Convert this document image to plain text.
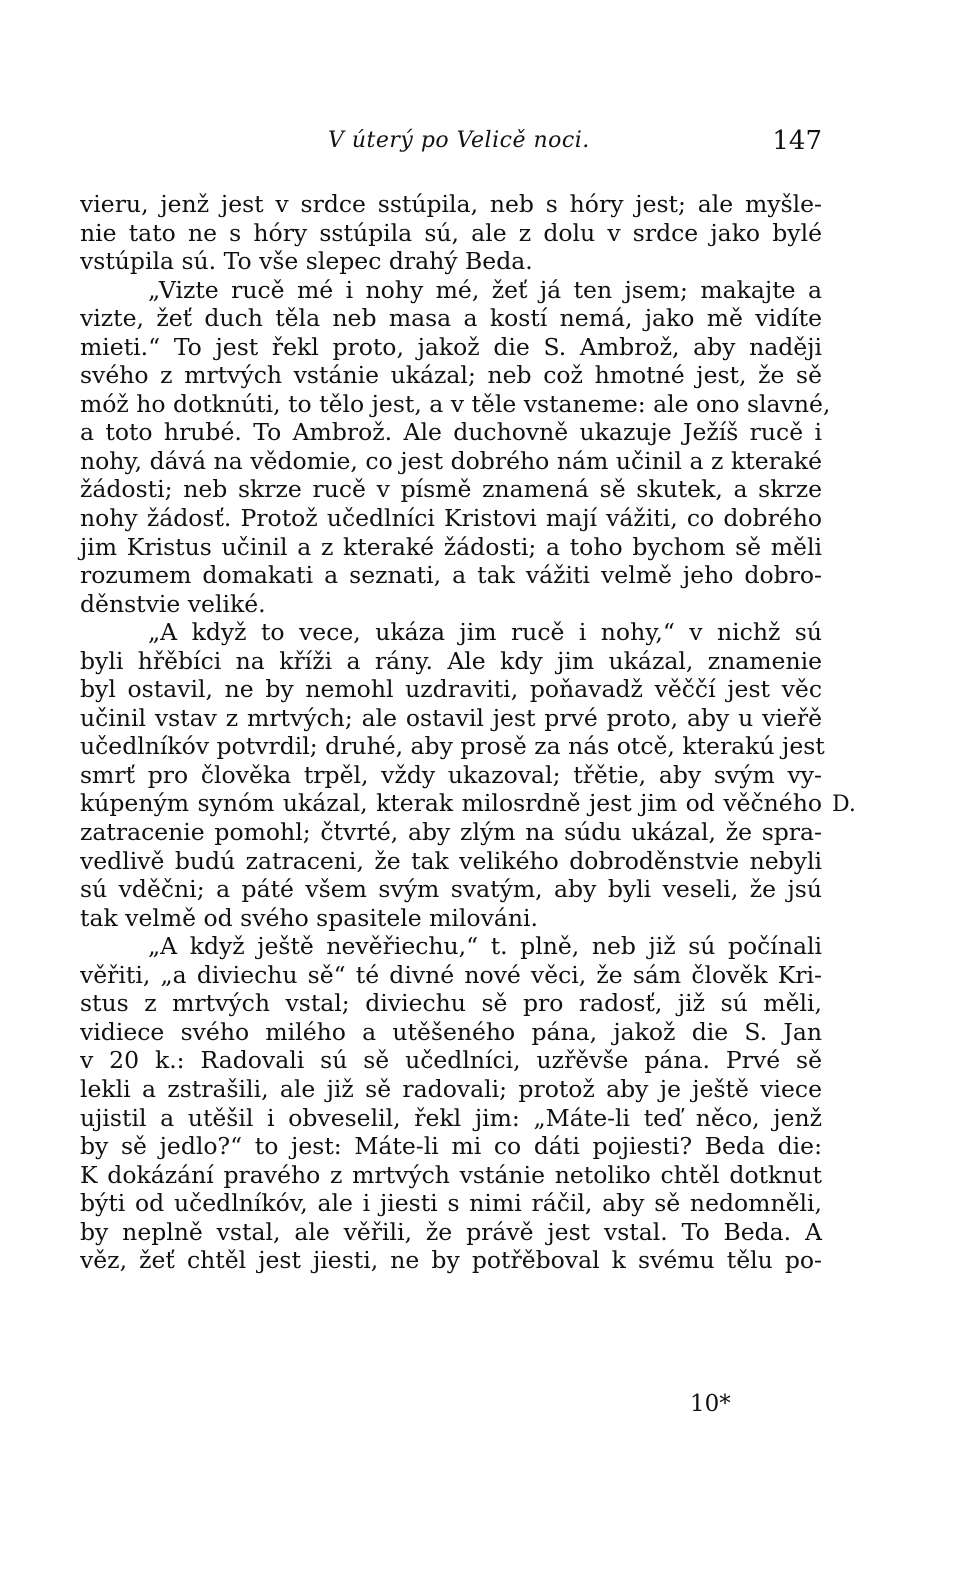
V úterý po Velicě noci.	147
vieru, jenž jest v srdce sstúpila, neb s hóry jest; ale myšle-
nie tato ne s hóry sstúpila sú, ale z dolu v srdce jako bylé
vstúpila sú. To vše slepec drahý Beda.
„Vizte rucě mé i nohy mé, žeť já ten jsem; makajte a
vizte, žeť duch těla neb masa a kostí nemá, jako mě vidíte
mieti.“ To jest řekl proto, jakož die S. Ambrož, aby naději
svého z mrtvých vstánie ukázal; neb což hmotné jest, že sě
móž ho dotknúti, to tělo jest, a v těle vstaneme: ale ono slavné,
a toto hrubé. To Ambrož. Ale duchovně ukazuje Ježíš rucě i
nohy, dává na vědomie, co jest dobrého nám učinil a z kteraké
žádosti; neb skrze rucě v písmě znamená sě skutek, a skrze
nohy žádosť. Protož učedlníci Kristovi mají vážiti, co dobrého
jim Kristus učinil a z kteraké žádosti; a toho bychom sě měli
rozumem domakati a seznati, a tak vážiti velmě jeho dobro-
děnstvie veliké.
„A když to vece, ukáza jim rucě i nohy,“ v nichž sú
byli hřěbíci na kříži a rány. Ale kdy jim ukázal, znamenie
byl ostavil, ne by nemohl uzdraviti, poňavadž věččí jest věc
učinil vstav z mrtvých; ale ostavil jest prvé proto, aby u vieřě
učedlníkóv potvrdil; druhé, aby prosě za nás otcě, kterakú jest
smrť pro člověka trpěl, vždy ukazoval; třětie, aby svým vy-
kúpeným synóm ukázal, kterak milosrdně jest jim od věčného
zatracenie pomohl; čtvrté, aby zlým na súdu ukázal, že spra-
vedlivě budú zatraceni, že tak velikého dobroděnstvie nebyli
sú vděčni; a páté všem svým svatým, aby byli veseli, že jsú
tak velmě od svého spasitele milováni.
„A když ještě nevěřiechu,“ t. plně, neb již sú počínali
věřiti, „a diviechu sě“ té divné nové věci, že sám člověk Kri-
stus z mrtvých vstal; diviechu sě pro radosť, již sú měli,
vidiece svého milého a utěšeného pána, jakož die S. Jan
v 20 k.: Radovali sú sě učedlníci, uzřěvše pána. Prvé sě
lekli a zstrašili, ale již sě radovali; protož aby je ještě viece
ujistil a utěšil i obveselil, řekl jim: „Máte-li teď něco, jenž
by sě jedlo?“ to jest: Máte-li mi co dáti pojiesti? Beda die:
K dokázání pravého z mrtvých vstánie netoliko chtěl dotknut
býti od učedlníkóv, ale i jiesti s nimi ráčil, aby sě nedomněli,
by neplně vstal, ale věřili, že právě jest vstal. To Beda. A
věz, žeť chtěl jest jiesti, ne by potřěboval k svému tělu po-
D.
10*
